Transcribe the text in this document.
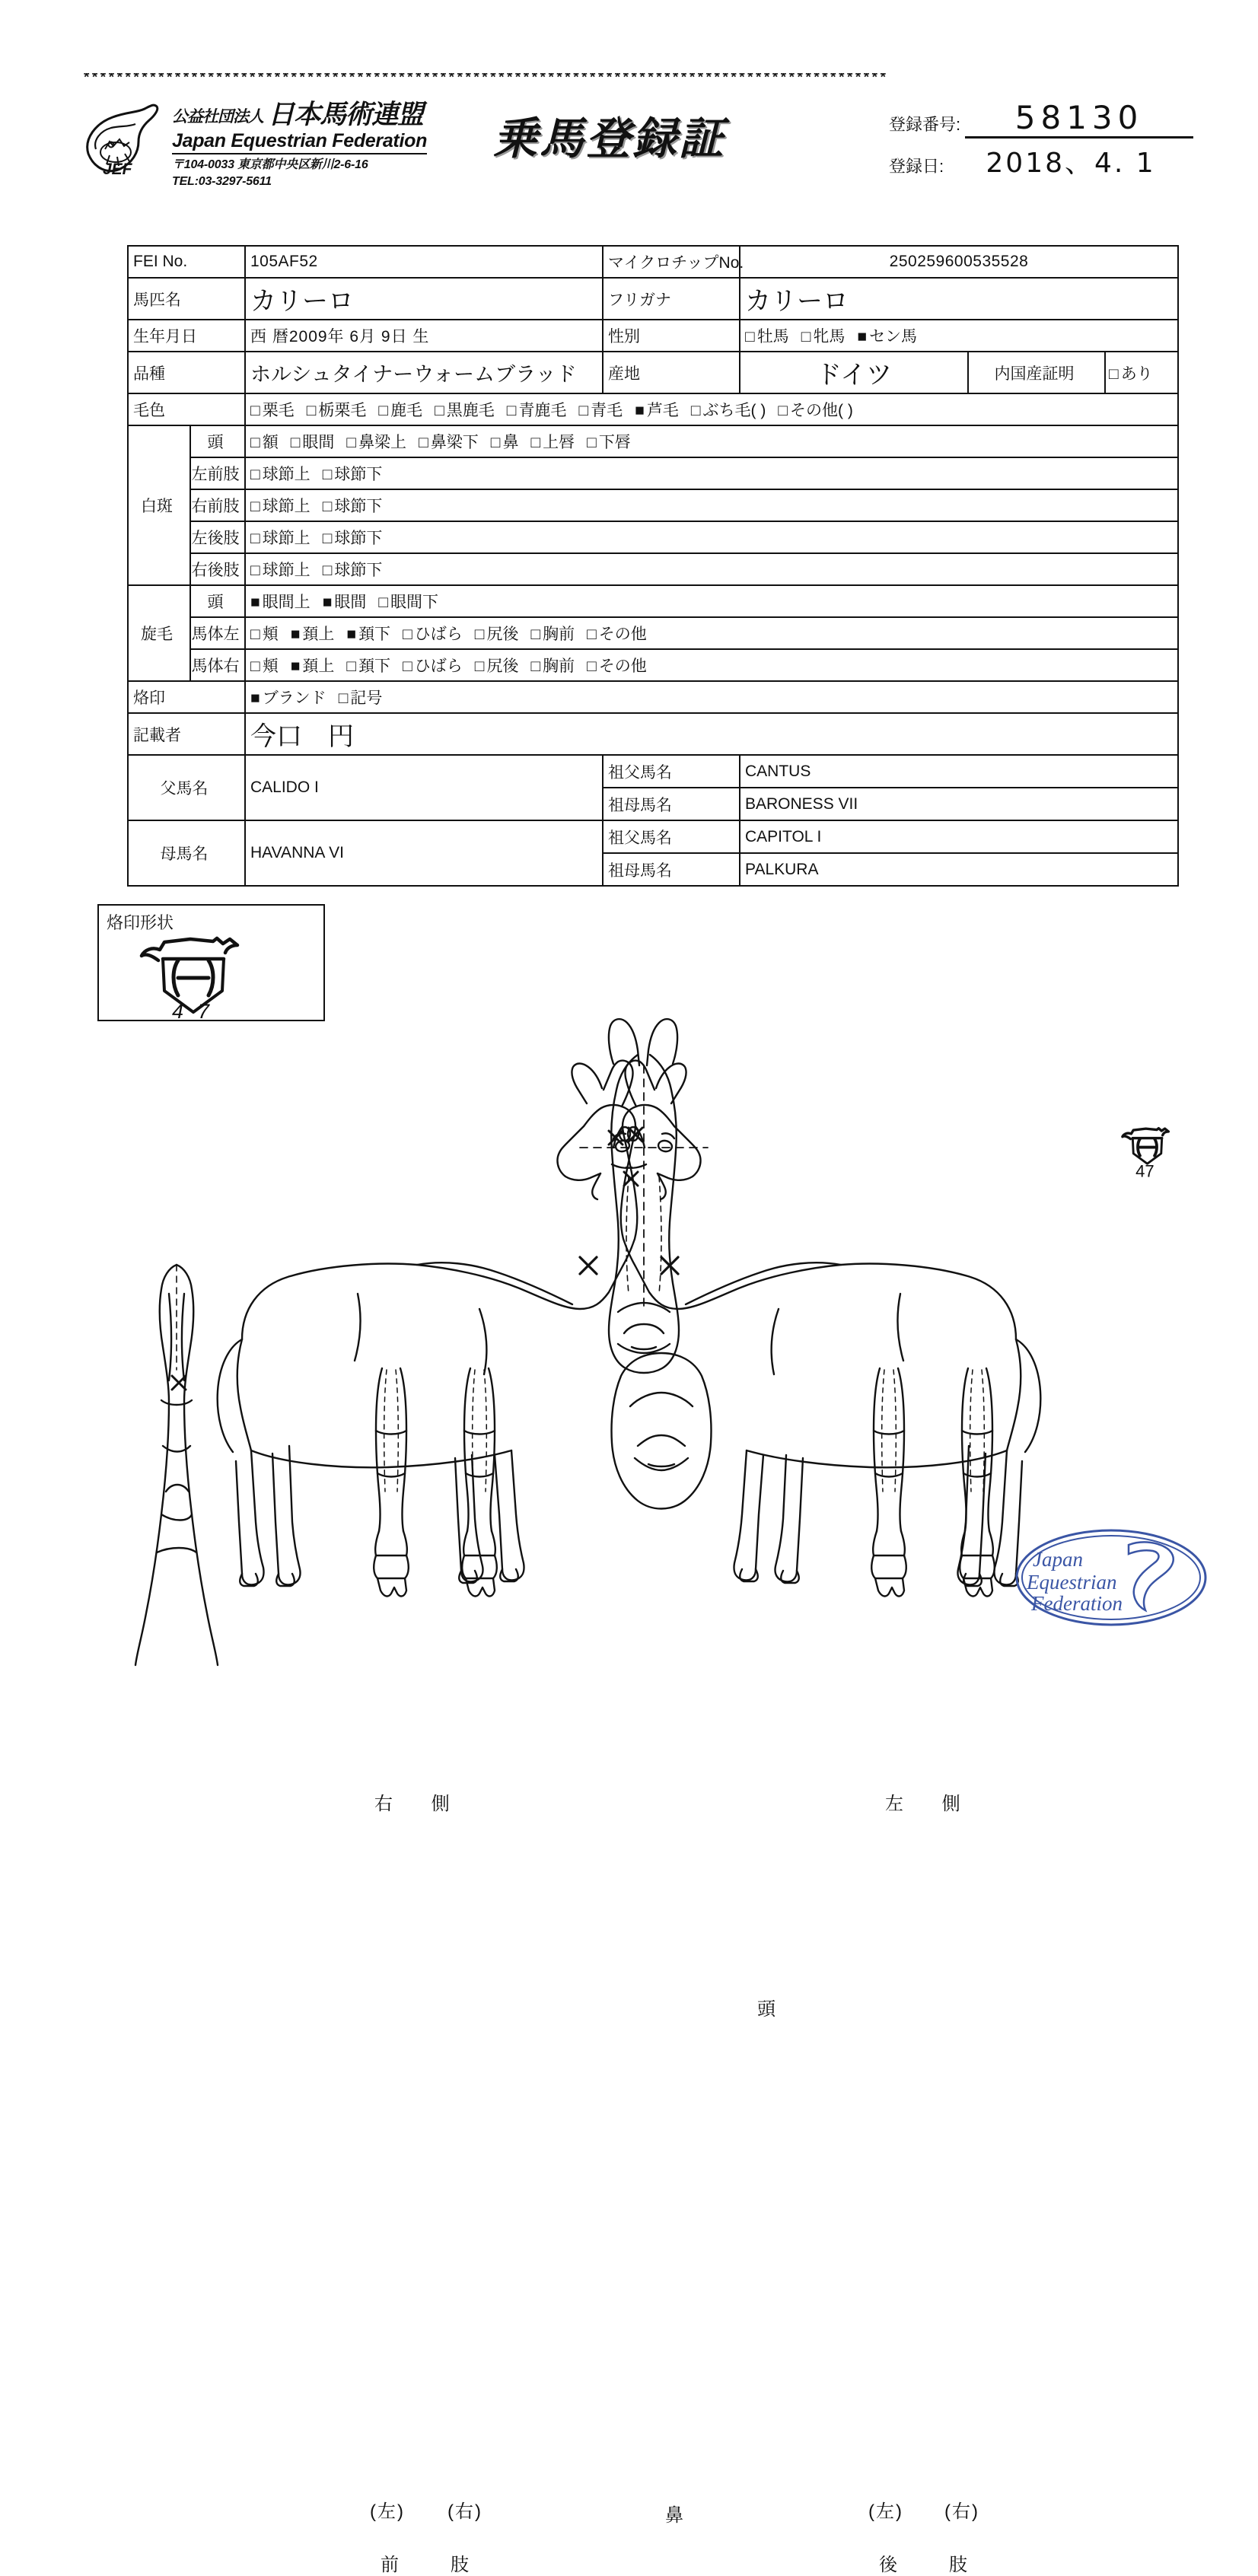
*************************************************************************************************
JEF
公益社団法人 日本馬術連盟
Japan Equestrian Federation
〒104-0033 東京都中央区新川2-6-16
TEL:03-3297-5611
乗馬登録証	登録番号:	58130
登録日:	2018、4. 1
FEI No.		105AF52	マイクロチップNo.	250259600535528		
馬匹名		カリーロ	フリガナ	カリーロ		
生年月日		西 暦2009年 6月 9日 生	性別	□ 牡馬 □ 牝馬 ■ セン馬		
品種		ホルシュタイナーウォームブラッド	産地	ドイツ	内国産証明	□ あり
毛色		□ 栗毛 □ 栃栗毛 □ 鹿毛 □ 黒鹿毛 □ 青鹿毛 □ 青毛 ■ 芦毛 □ ぶち毛( ) □ その他( )				
白斑	頭	□ 額 □ 眼間 □ 鼻梁上 □ 鼻梁下 □ 鼻 □ 上唇 □ 下唇				
	左前肢	□ 球節上 □ 球節下				
	右前肢	□ 球節上 □ 球節下				
	左後肢	□ 球節上 □ 球節下				
	右後肢	□ 球節上 □ 球節下				
旋毛	頭	■ 眼間上 ■ 眼間 □ 眼間下				
	馬体左	□ 頬 ■ 頚上 ■ 頚下 □ ひばら □ 尻後 □ 胸前 □ その他				
	馬体右	□ 頬 ■ 頚上 □ 頚下 □ ひばら □ 尻後 □ 胸前 □ その他				
烙印		■ ブランド □ 記号				
記載者		今口　円				
父馬名		CALIDO I	祖父馬名	CANTUS		
			祖母馬名	BARONESS VII		
母馬名		HAVANNA VI	祖父馬名	CAPITOL I		
			祖母馬名	PALKURA		
烙印形状
4 7
右 側	左 側
頭
鼻
(左) (右)
前　肢
(左) (右)
後　肢
47
Japan
Equestrian
Federation
